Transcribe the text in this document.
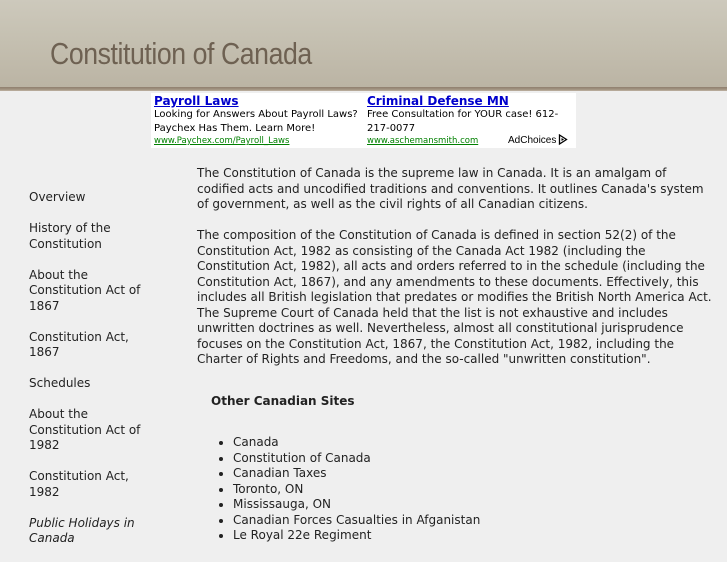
Constitution of Canada
Payroll Laws
Looking for Answers About Payroll Laws? Paychex Has Them. Learn More!
www.Paychex.com/Payroll_Laws
Criminal Defense MN
Free Consultation for YOUR case! 612-217-0077
www.aschemansmith.com	AdChoices
Overview
History of the Constitution
About the Constitution Act of 1867
Constitution Act, 1867
Schedules
About the Constitution Act of 1982
Constitution Act, 1982
Public Holidays in Canada

The Constitution of Canada is the supreme law in Canada. It is an amalgam of codified acts and uncodified traditions and conventions. It outlines Canada's system of government, as well as the civil rights of all Canadian citizens.

The composition of the Constitution of Canada is defined in section 52(2) of the Constitution Act, 1982 as consisting of the Canada Act 1982 (including the Constitution Act, 1982), all acts and orders referred to in the schedule (including the Constitution Act, 1867), and any amendments to these documents. Effectively, this includes all British legislation that predates or modifies the British North America Act. The Supreme Court of Canada held that the list is not exhaustive and includes unwritten doctrines as well. Nevertheless, almost all constitutional jurisprudence focuses on the Constitution Act, 1867, the Constitution Act, 1982, including the Charter of Rights and Freedoms, and the so-called "unwritten constitution".

Other Canadian Sites
• Canada
• Constitution of Canada
• Canadian Taxes
• Toronto, ON
• Mississauga, ON
• Canadian Forces Casualties in Afganistan
• Le Royal 22e Regiment
